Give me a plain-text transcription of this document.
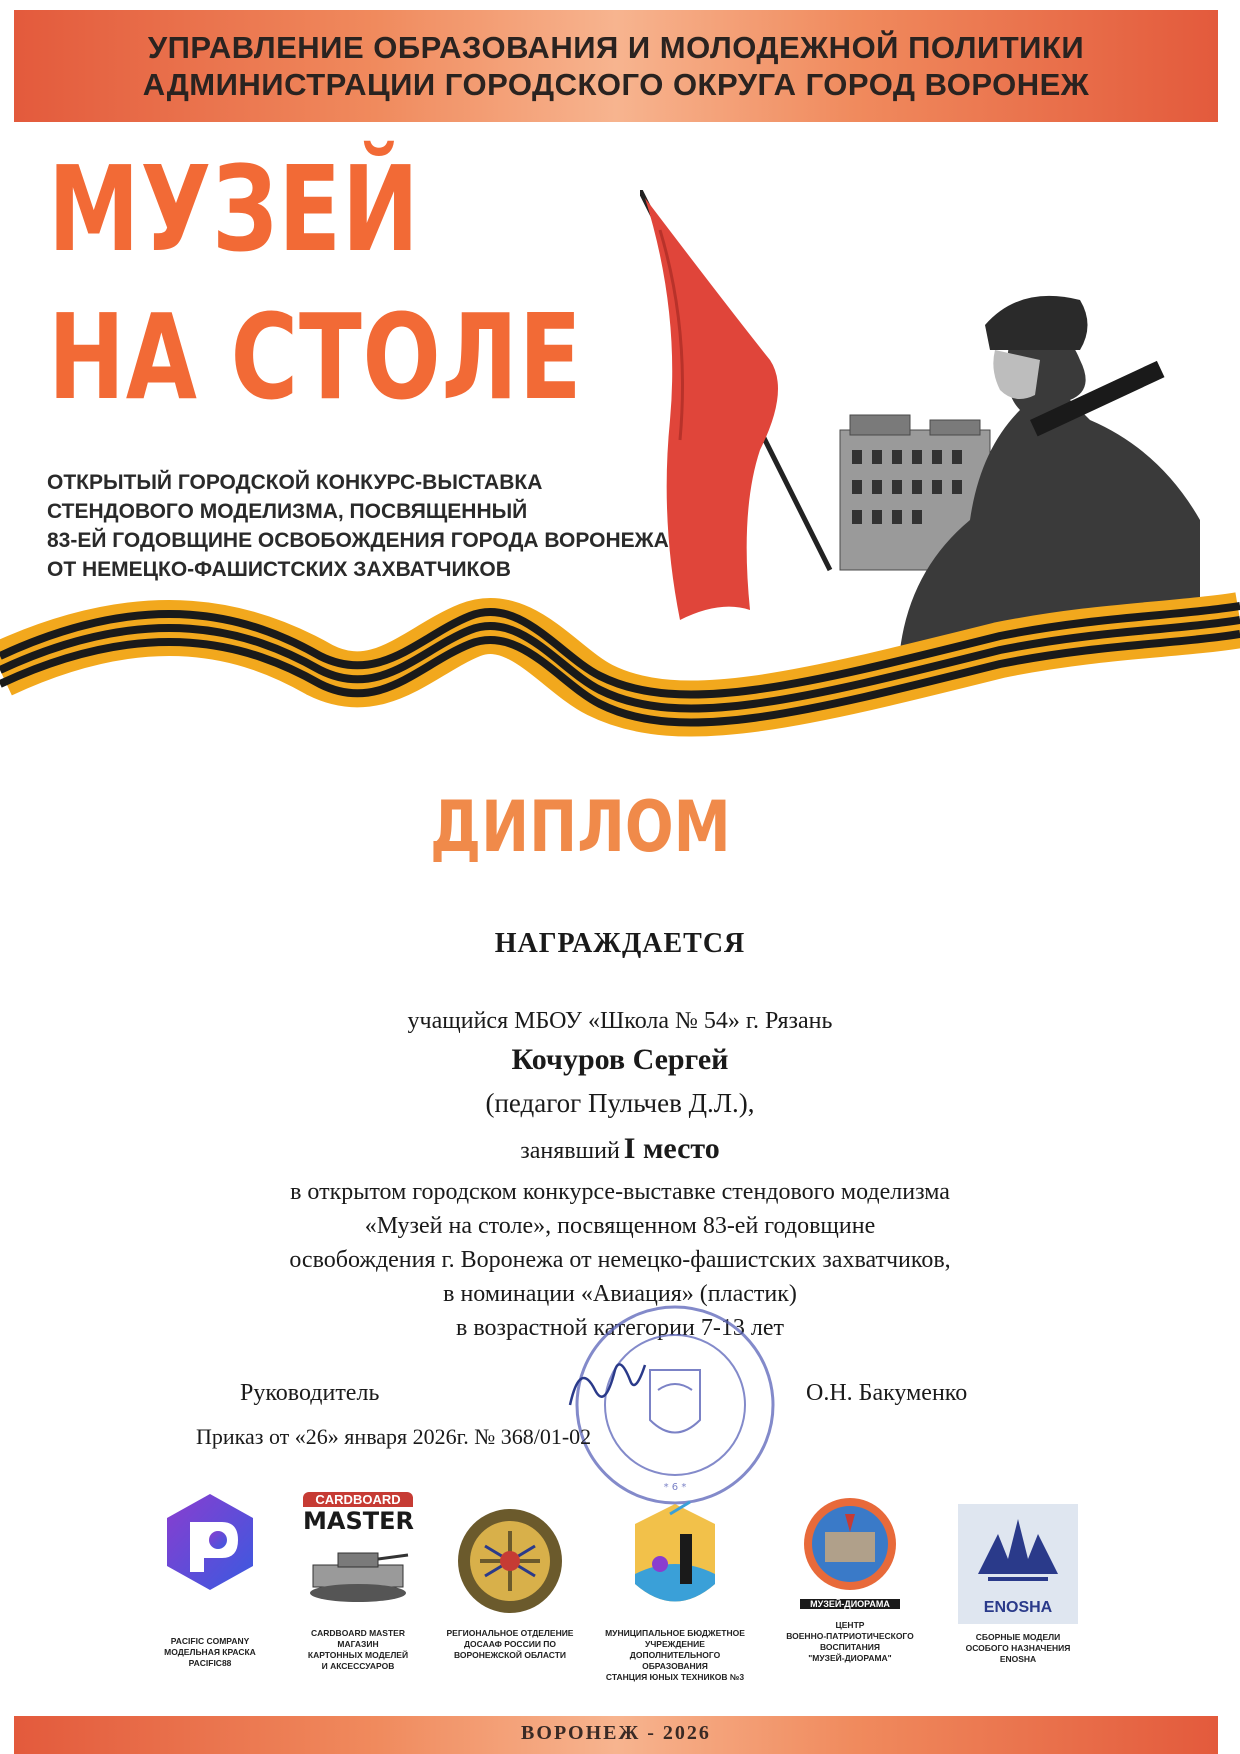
УПРАВЛЕНИЕ ОБРАЗОВАНИЯ И МОЛОДЕЖНОЙ ПОЛИТИКИ
АДМИНИСТРАЦИИ ГОРОДСКОГО ОКРУГА ГОРОД ВОРОНЕЖ
МУЗЕЙ
НА СТОЛЕ
ОТКРЫТЫЙ ГОРОДСКОЙ КОНКУРС-ВЫСТАВКА
СТЕНДОВОГО МОДЕЛИЗМА, ПОСВЯЩЕННЫЙ
83-ЕЙ ГОДОВЩИНЕ ОСВОБОЖДЕНИЯ ГОРОДА ВОРОНЕЖА
ОТ НЕМЕЦКО-ФАШИСТСКИХ ЗАХВАТЧИКОВ
ДИПЛОМ
НАГРАЖДАЕТСЯ
учащийся МБОУ «Школа № 54» г. Рязань
Кочуров Сергей
(педагог Пульчев Д.Л.),
занявший I место
в открытом городском конкурсе-выставке стендового моделизма
«Музей на столе», посвященном 83-ей годовщине
освобождения г. Воронежа от немецко-фашистских захватчиков,
в номинации «Авиация» (пластик)
в возрастной категории 7-13 лет
* 6 *
Руководитель	О.Н. Бакуменко
Приказ от «26» января 2026г. № 368/01-02
PACIFIC COMPANY
МОДЕЛЬНАЯ КРАСКА
PACIFIC88
CARDBOARD
MASTER
CARDBOARD MASTER
МАГАЗИН
КАРТОННЫХ МОДЕЛЕЙ
И АКСЕССУАРОВ
РЕГИОНАЛЬНОЕ ОТДЕЛЕНИЕ
ДОСААФ РОССИИ ПО
ВОРОНЕЖСКОЙ ОБЛАСТИ
МУНИЦИПАЛЬНОЕ БЮДЖЕТНОЕ
УЧРЕЖДЕНИЕ ДОПОЛНИТЕЛЬНОГО
ОБРАЗОВАНИЯ
СТАНЦИЯ ЮНЫХ ТЕХНИКОВ №3
МУЗЕЙ-ДИОРАМА
ЦЕНТР
ВОЕННО-ПАТРИОТИЧЕСКОГО
ВОСПИТАНИЯ
"МУЗЕЙ-ДИОРАМА"
ENOSHA
СБОРНЫЕ МОДЕЛИ
ОСОБОГО НАЗНАЧЕНИЯ
ENOSHA
ВОРОНЕЖ - 2026
